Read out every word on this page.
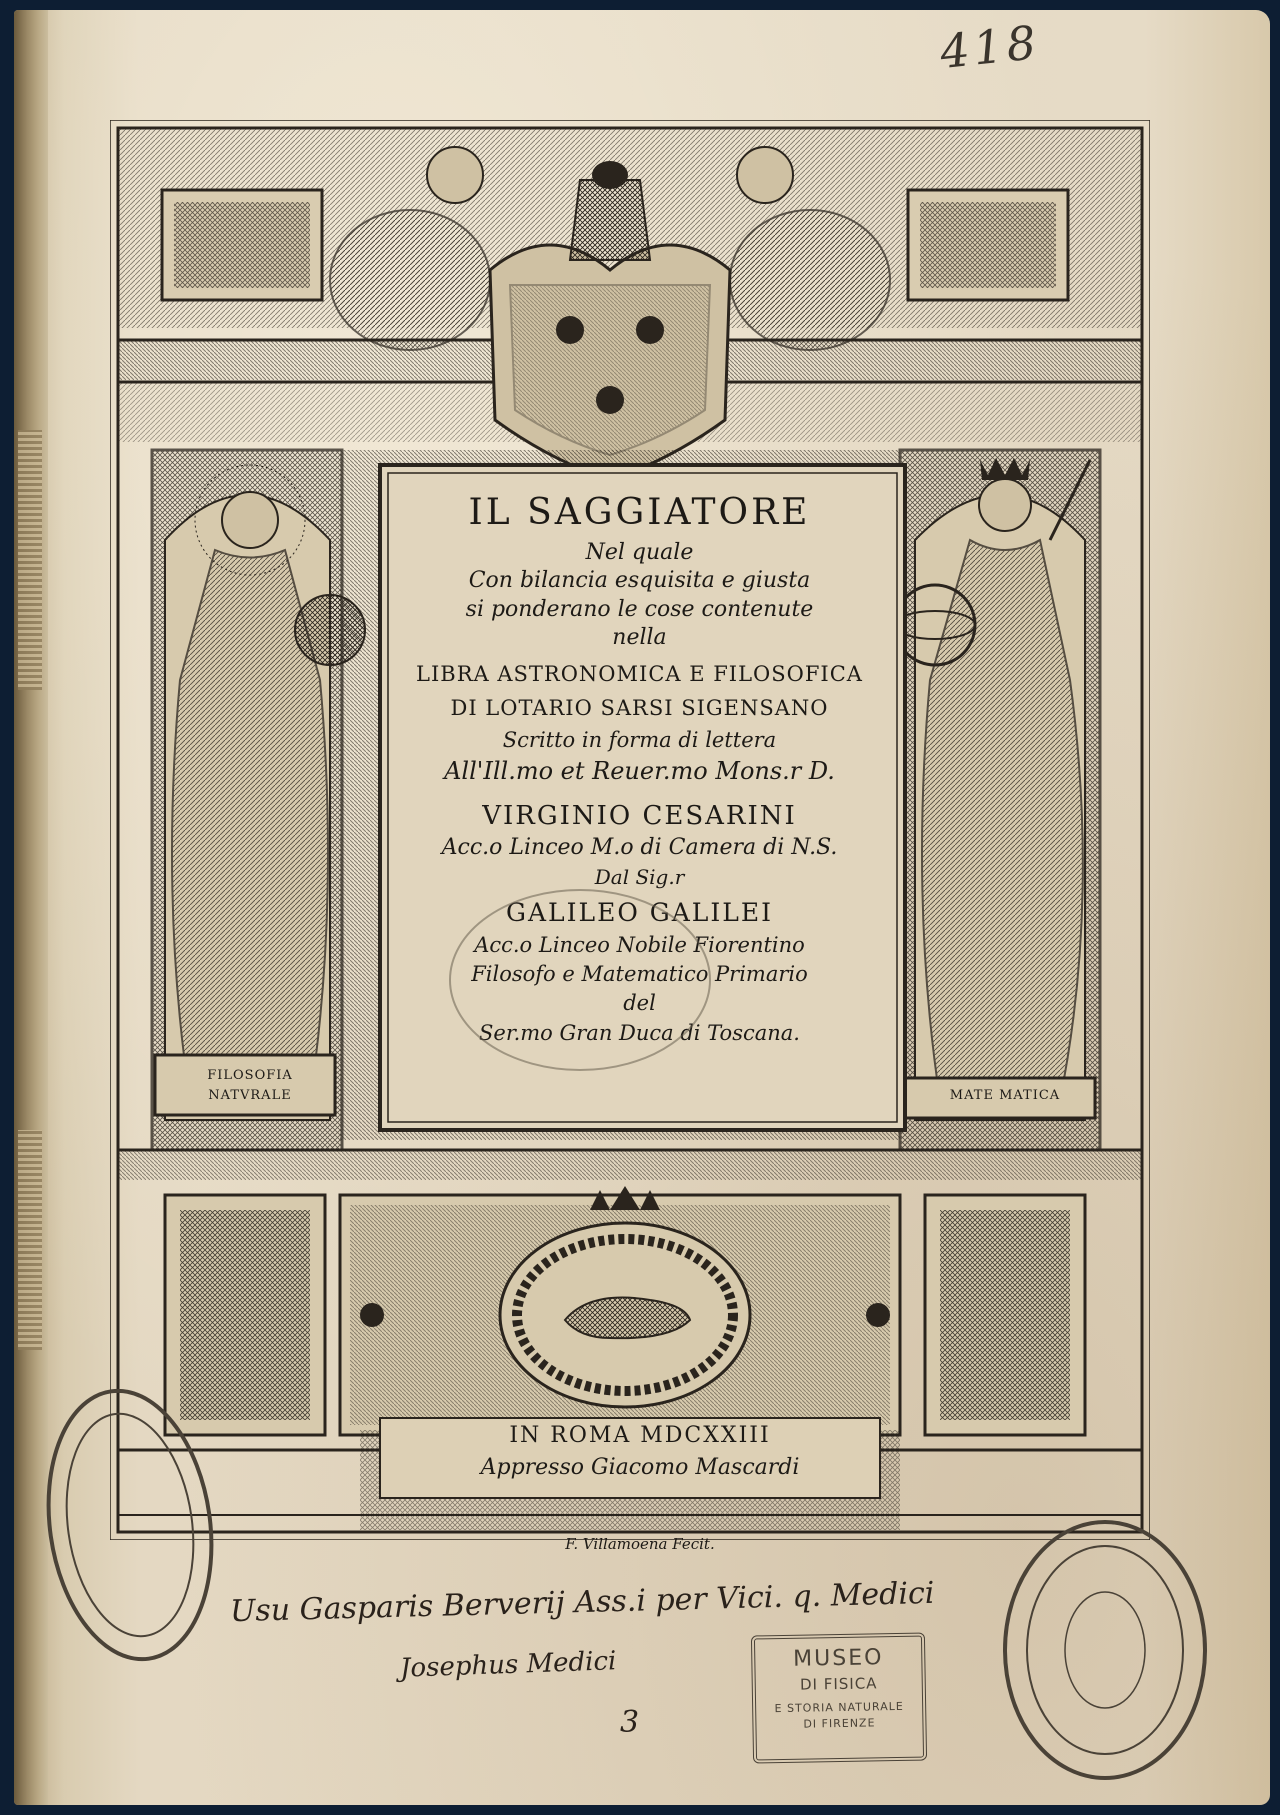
418
IL SAGGIATORE
Nel quale
Con bilancia esquisita e giusta
si ponderano le cose contenute
nella
LIBRA ASTRONOMICA E FILOSOFICA
DI LOTARIO SARSI SIGENSANO
Scritto in forma di lettera
All'Ill.mo et Reuer.mo Mons.r D.
VIRGINIO CESARINI
Acc.o Linceo M.o di Camera di N.S.
Dal Sig.r
GALILEO GALILEI
Acc.o Linceo Nobile Fiorentino
Filosofo e Matematico Primario
del
Ser.mo Gran Duca di Toscana.
FILOSOFIA
NATVRALE	MATE MATICA
IN ROMA MDCXXIII
Appresso Giacomo Mascardi
F. Villamoena Fecit.
Usu Gasparis Berverij Ass.i per Vici. q. Medici
Josephus Medici
3
MUSEO
DI FISICA
E STORIA NATURALE
DI FIRENZE
